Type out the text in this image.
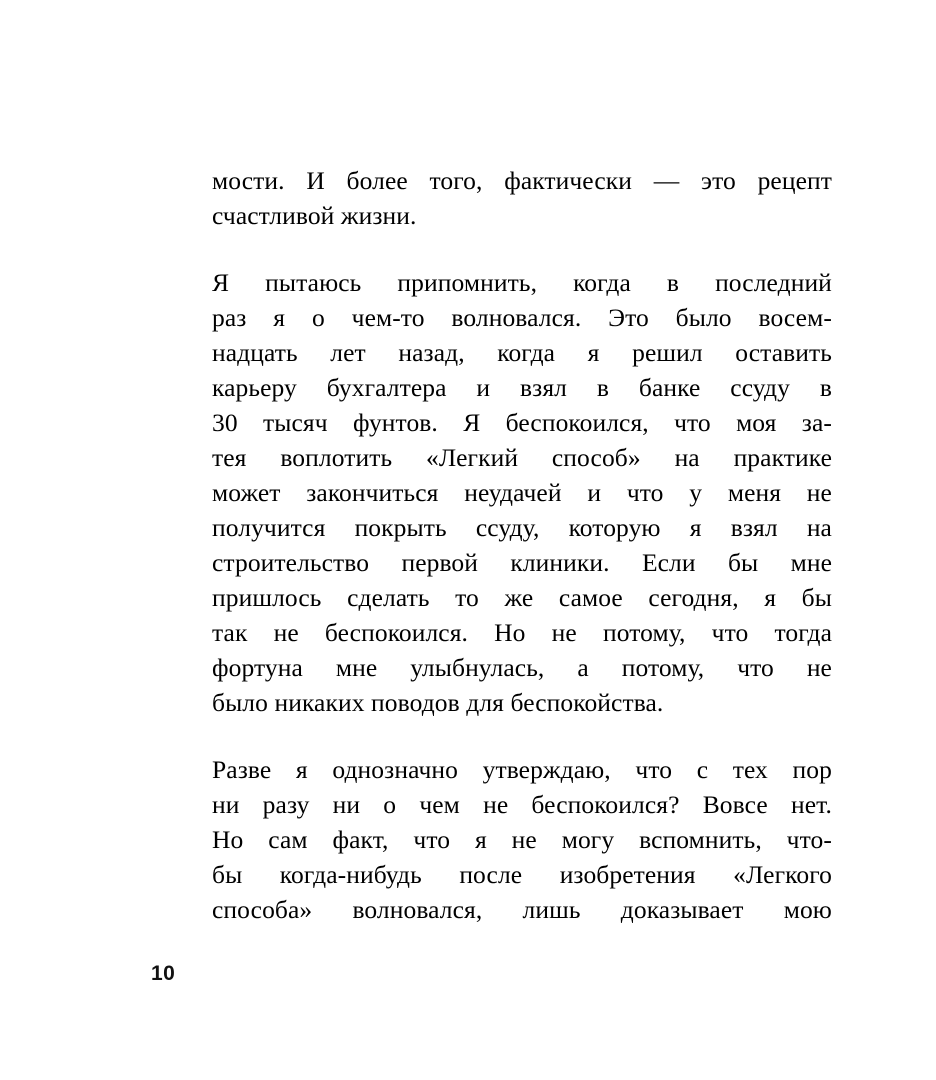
мости. И более того, фактически — это рецепт
счастливой жизни.

Я пытаюсь припомнить, когда в последний
раз я о чем-то волновался. Это было восем-
надцать лет назад, когда я решил оставить
карьеру бухгалтера и взял в банке ссуду в
30 тысяч фунтов. Я беспокоился, что моя за-
тея воплотить «Легкий способ» на практике
может закончиться неудачей и что у меня не
получится покрыть ссуду, которую я взял на
строительство первой клиники. Если бы мне
пришлось сделать то же самое сегодня, я бы
так не беспокоился. Но не потому, что тогда
фортуна мне улыбнулась, а потому, что не
было никаких поводов для беспокойства.

Разве я однозначно утверждаю, что с тех пор
ни разу ни о чем не беспокоился? Вовсе нет.
Но сам факт, что я не могу вспомнить, что-
бы когда-нибудь после изобретения «Легкого
способа» волновался, лишь доказывает мою

10
